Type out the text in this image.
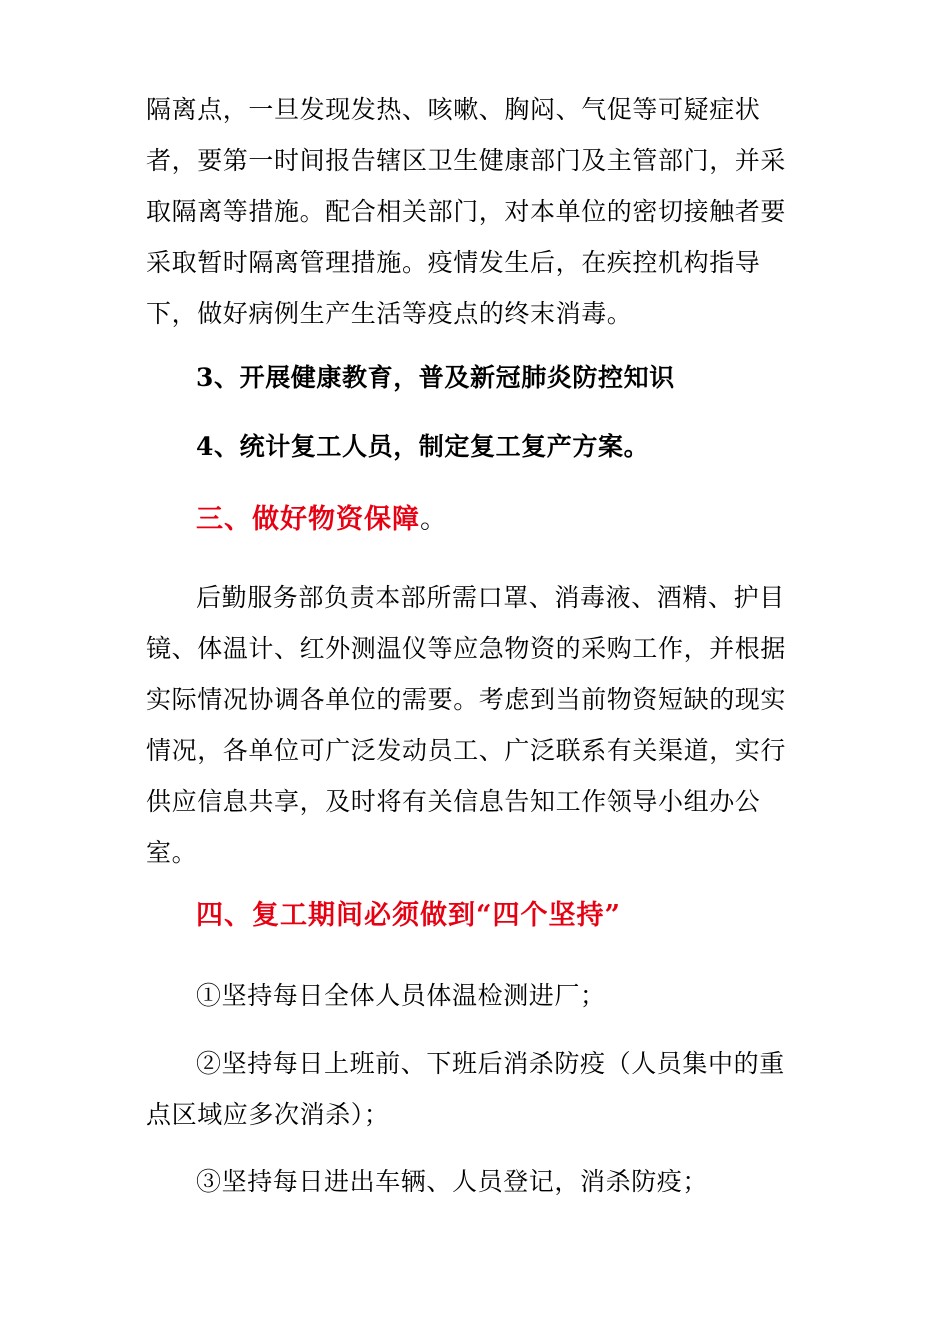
隔离点，一旦发现发热、咳嗽、胸闷、气促等可疑症状
者，要第一时间报告辖区卫生健康部门及主管部门，并采
取隔离等措施。配合相关部门，对本单位的密切接触者要
采取暂时隔离管理措施。疫情发生后，在疾控机构指导
下，做好病例生产生活等疫点的终末消毒。
3、开展健康教育，普及新冠肺炎防控知识
4、统计复工人员，制定复工复产方案。
三、做好物资保障。
后勤服务部负责本部所需口罩、消毒液、酒精、护目
镜、体温计、红外测温仪等应急物资的采购工作，并根据
实际情况协调各单位的需要。考虑到当前物资短缺的现实
情况，各单位可广泛发动员工、广泛联系有关渠道，实行
供应信息共享，及时将有关信息告知工作领导小组办公
室。
四、复工期间必须做到“四个坚持”
①坚持每日全体人员体温检测进厂；
②坚持每日上班前、下班后消杀防疫（人员集中的重
点区域应多次消杀）；
③坚持每日进出车辆、人员登记，消杀防疫；
